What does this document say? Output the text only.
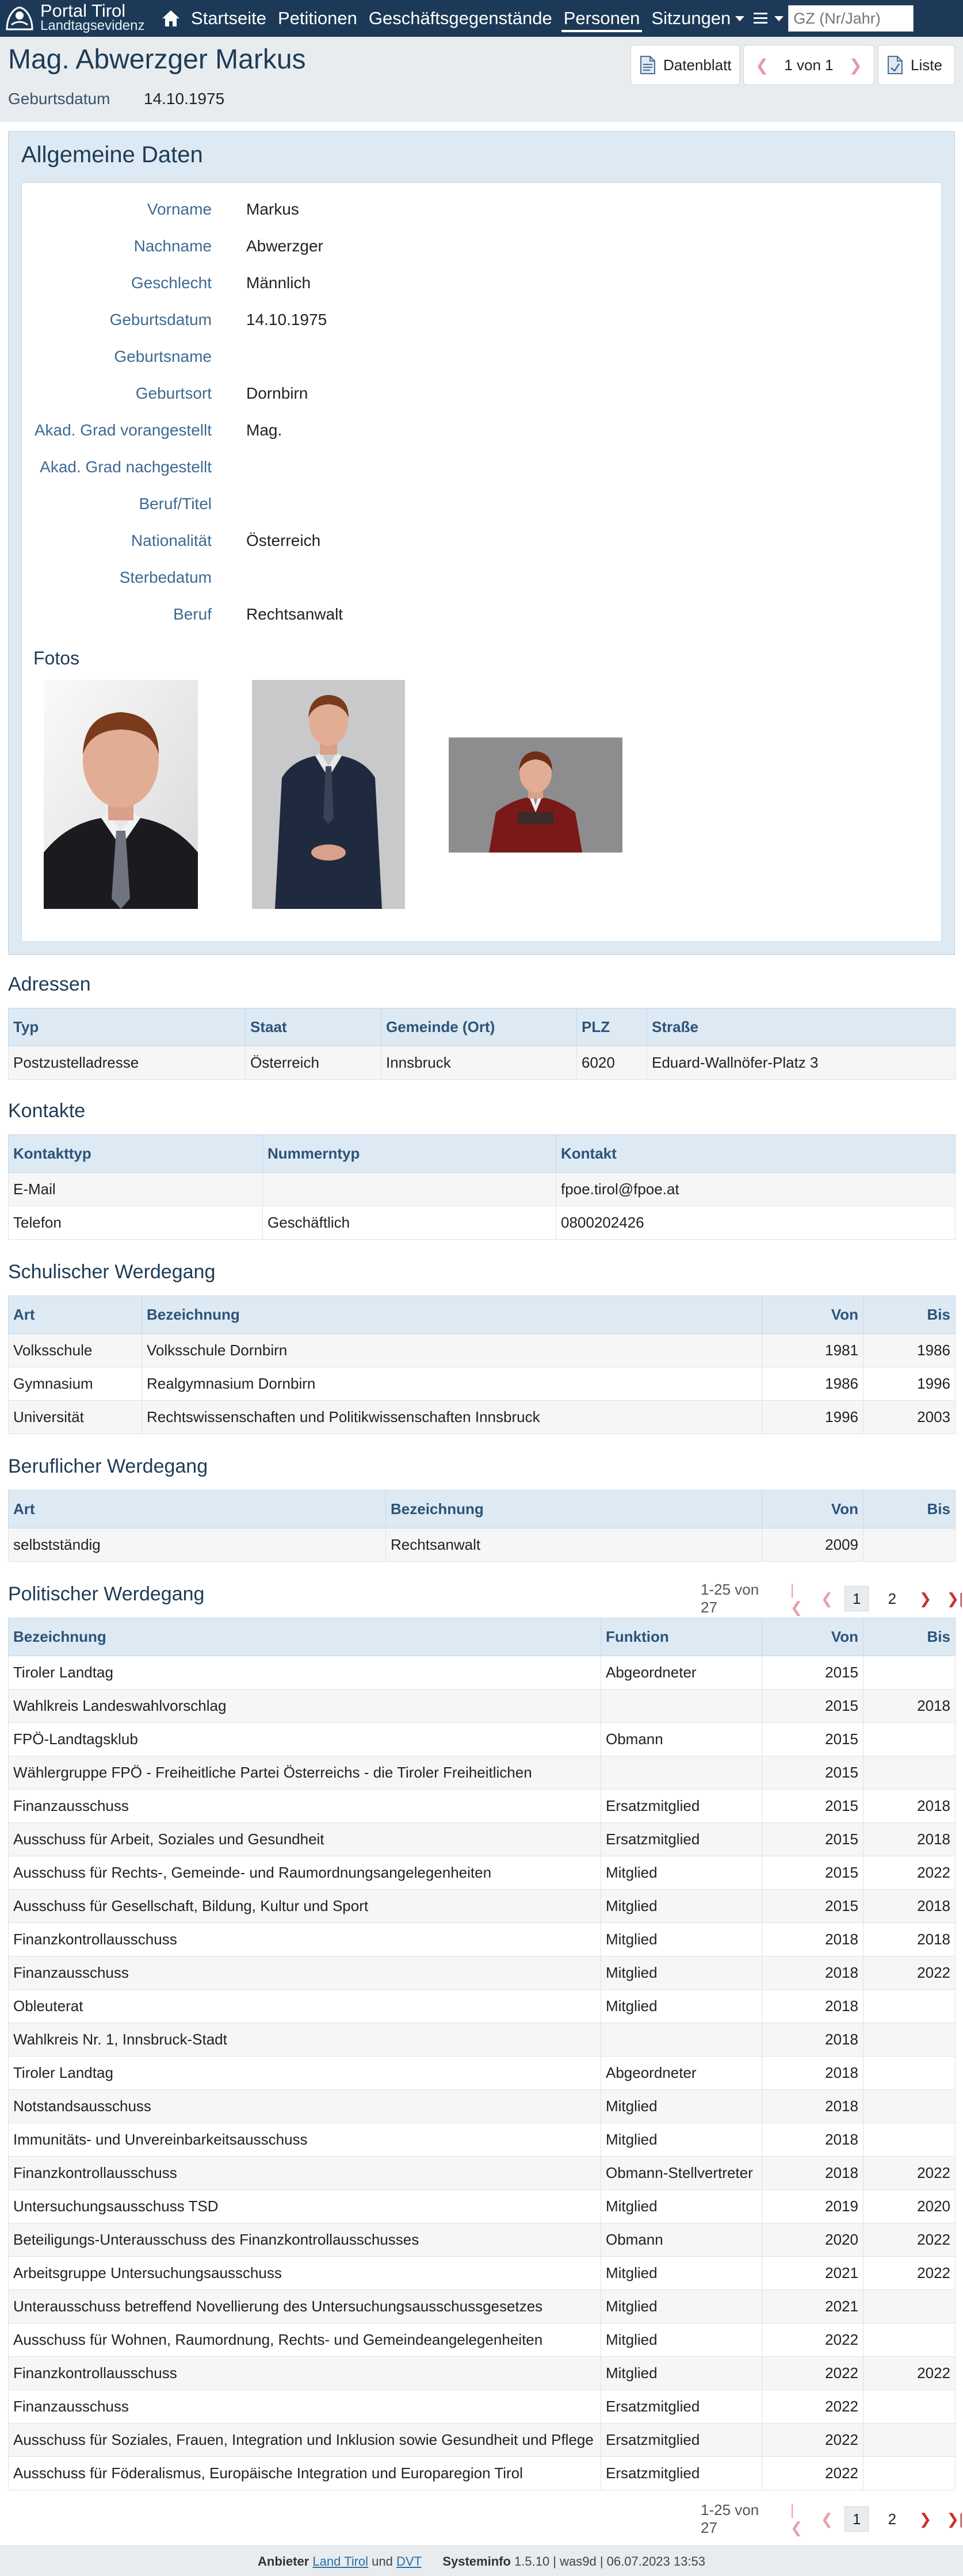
Portal Tirol
Landtagsevidenz	Startseite Petitionen Geschäftsgegenstände Personen Sitzungen
GZ (Nr/Jahr)
Mag. Abwerzger Markus
Geburtsdatum 14.10.1975
Datenblatt ❮ 1 von 1 ❯	Liste
Allgemeine Daten
Vorname Markus
Nachname Abwerzger
Geschlecht Männlich
Geburtsdatum 14.10.1975
Geburtsname
Geburtsort Dornbirn
Akad. Grad vorangestellt Mag.
Akad. Grad nachgestellt
Beruf/Titel
Nationalität Österreich
Sterbedatum
Beruf Rechtsanwalt
Fotos
Adressen
Typ	Staat	Gemeinde (Ort)	PLZ	Straße
Postzustelladresse	Österreich	Innsbruck	6020	Eduard-Wallnöfer-Platz 3
Kontakte
Kontakttyp	Nummerntyp	Kontakt
E-Mail		fpoe.tirol@fpoe.at
Telefon	Geschäftlich	0800202426
Schulischer Werdegang
Art	Bezeichnung	Von	Bis
Volksschule	Volksschule Dornbirn	1981	1986
Gymnasium	Realgymnasium Dornbirn	1986	1996
Universität	Rechtswissenschaften und Politikwissenschaften Innsbruck	1996	2003
Beruflicher Werdegang
Art	Bezeichnung	Von	Bis
selbstständig	Rechtsanwalt	2009	
Politischer Werdegang	1-25 von 27
|❮
❮	1	2	❯ ❯|
Bezeichnung	Funktion	Von	Bis
Tiroler Landtag	Abgeordneter	2015	
Wahlkreis Landeswahlvorschlag		2015	2018
FPÖ-Landtagsklub	Obmann	2015	
Wählergruppe FPÖ - Freiheitliche Partei Österreichs - die Tiroler Freiheitlichen		2015	
Finanzausschuss	Ersatzmitglied	2015	2018
Ausschuss für Arbeit, Soziales und Gesundheit	Ersatzmitglied	2015	2018
Ausschuss für Rechts-, Gemeinde- und Raumordnungsangelegenheiten	Mitglied	2015	2022
Ausschuss für Gesellschaft, Bildung, Kultur und Sport	Mitglied	2015	2018
Finanzkontrollausschuss	Mitglied	2018	2018
Finanzausschuss	Mitglied	2018	2022
Obleuterat	Mitglied	2018	
Wahlkreis Nr. 1, Innsbruck-Stadt		2018	
Tiroler Landtag	Abgeordneter	2018	
Notstandsausschuss	Mitglied	2018	
Immunitäts- und Unvereinbarkeitsausschuss	Mitglied	2018	
Finanzkontrollausschuss	Obmann-Stellvertreter	2018	2022
Untersuchungsausschuss TSD	Mitglied	2019	2020
Beteiligungs-Unterausschuss des Finanzkontrollausschusses	Obmann	2020	2022
Arbeitsgruppe Untersuchungsausschuss	Mitglied	2021	2022
Unterausschuss betreffend Novellierung des Untersuchungsausschussgesetzes	Mitglied	2021	
Ausschuss für Wohnen, Raumordnung, Rechts- und Gemeindeangelegenheiten	Mitglied	2022	
Finanzkontrollausschuss	Mitglied	2022	2022
Finanzausschuss	Ersatzmitglied	2022	
Ausschuss für Soziales, Frauen, Integration und Inklusion sowie Gesundheit und Pflege	Ersatzmitglied	2022	
Ausschuss für Föderalismus, Europäische Integration und Europaregion Tirol	Ersatzmitglied	2022	
1-25 von 27
|❮
❮	1	2	❯ ❯|
Anbieter Land Tirol und DVT Systeminfo 1.5.10 | was9d | 06.07.2023 13:53
